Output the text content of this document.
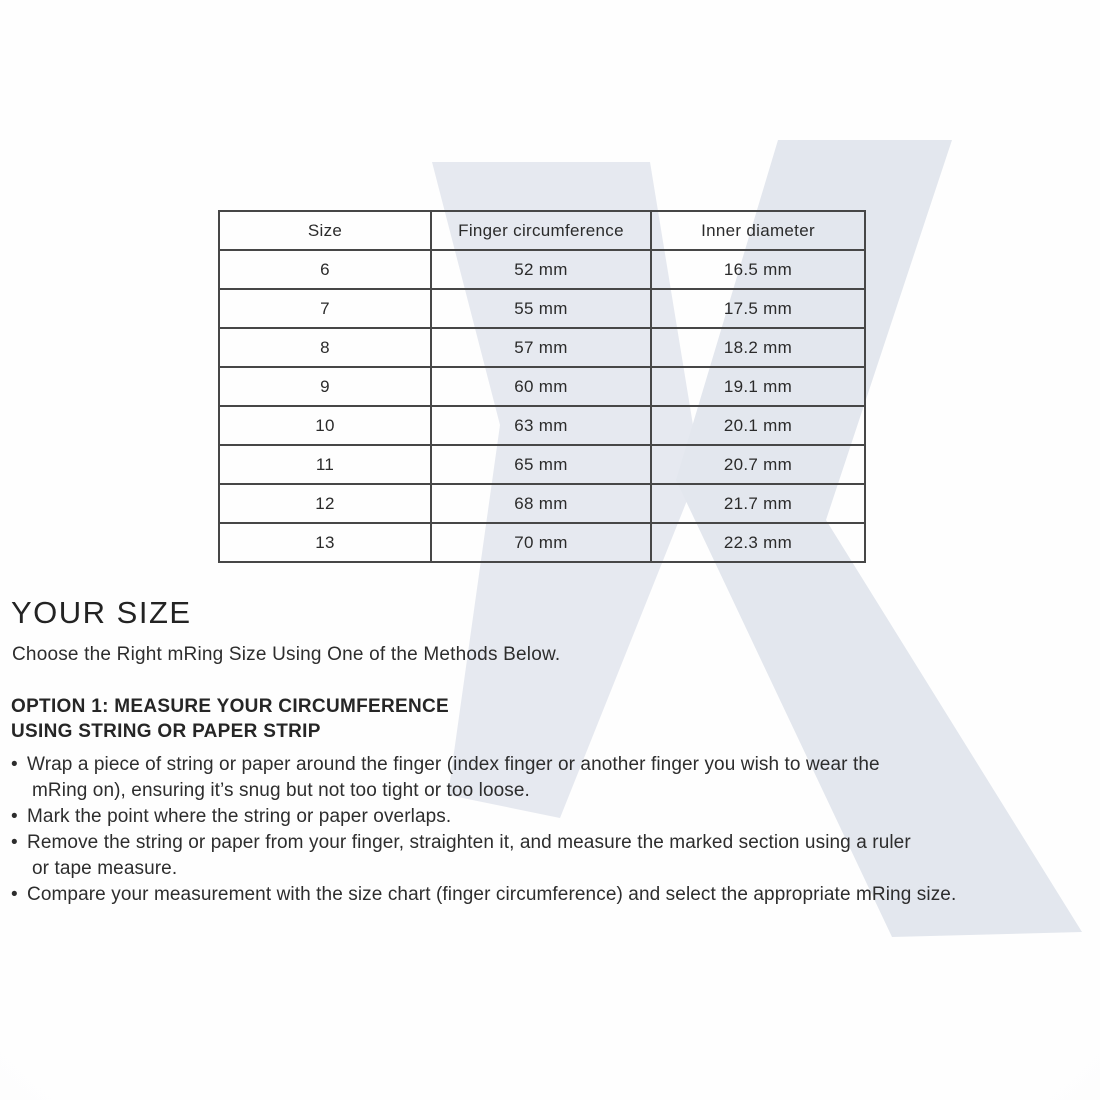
Size	Finger circumference	Inner diameter
6	52 mm	16.5 mm
7	55 mm	17.5 mm
8	57 mm	18.2 mm
9	60 mm	19.1 mm
10	63 mm	20.1 mm
11	65 mm	20.7 mm
12	68 mm	21.7 mm
13	70 mm	22.3 mm
YOUR SIZE

Choose the Right mRing Size Using One of the Methods Below.

OPTION 1: MEASURE YOUR CIRCUMFERENCE
USING STRING OR PAPER STRIP
• Wrap a piece of string or paper around the finger (index finger or another finger you wish to wear the
mRing on), ensuring it’s snug but not too tight or too loose.
• Mark the point where the string or paper overlaps.
• Remove the string or paper from your finger, straighten it, and measure the marked section using a ruler
or tape measure.
• Compare your measurement with the size chart (finger circumference) and select the appropriate mRing size.
